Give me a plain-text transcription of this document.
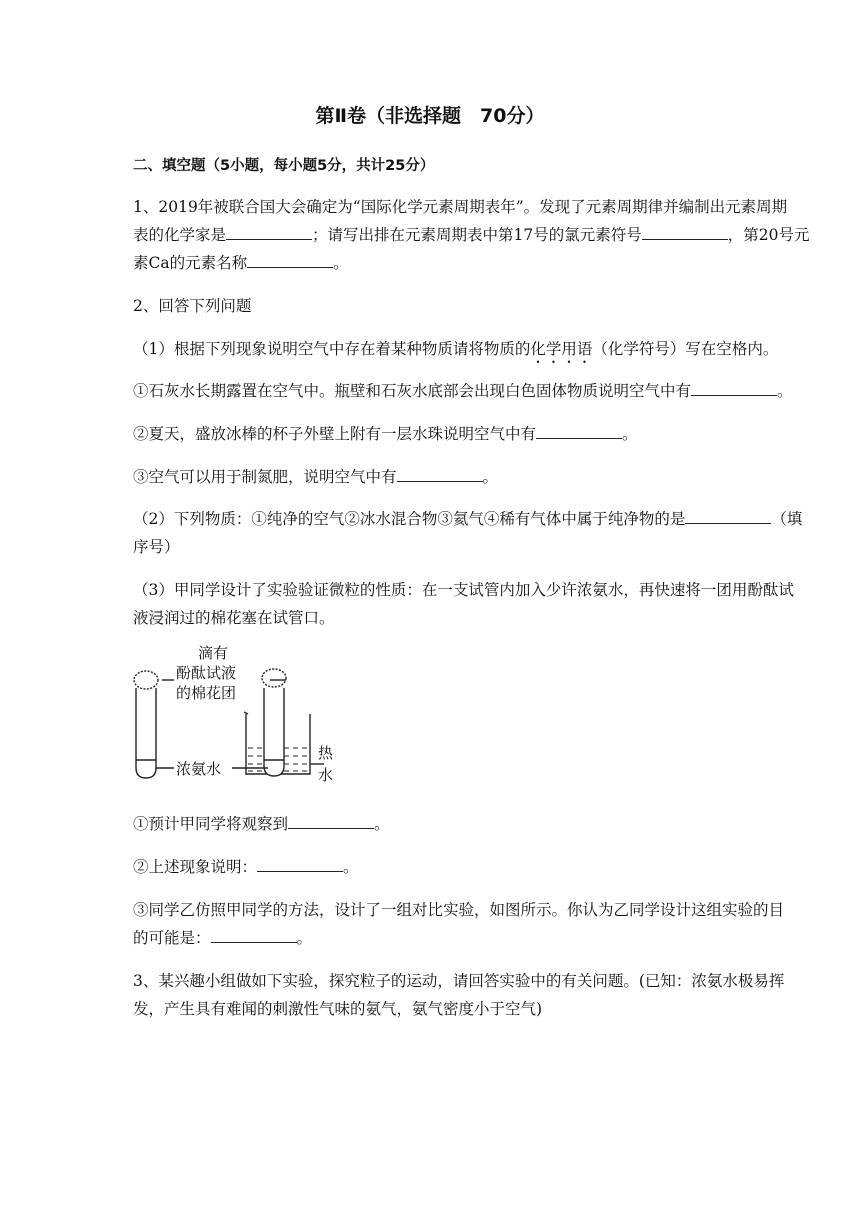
第Ⅱ卷（非选择题　70分）
二、填空题（5小题，每小题5分，共计25分）
1、2019年被联合国大会确定为“国际化学元素周期表年”。发现了元素周期律并编制出元素周期
表的化学家是	；请写出排在元素周期表中第17号的氯元素符号	，第20号元
素Ca的元素名称	。
2、回答下列问题
（1）根据下列现象说明空气中存在着某种物质请将物质的化学用语（化学符号）写在空格内。
①石灰水长期露置在空气中。瓶壁和石灰水底部会出现白色固体物质说明空气中有	。
②夏天，盛放冰棒的杯子外壁上附有一层水珠说明空气中有	。
③空气可以用于制氮肥，说明空气中有	。
（2）下列物质：①纯净的空气②冰水混合物③氦气④稀有气体中属于纯净物的是	（填
序号）
（3）甲同学设计了实验验证微粒的性质：在一支试管内加入少许浓氨水，再快速将一团用酚酞试
液浸润过的棉花塞在试管口。
滴有
酚酞试液
的棉花团
浓氨水
热
水
①预计甲同学将观察到	。
②上述现象说明：	。
③同学乙仿照甲同学的方法，设计了一组对比实验，如图所示。你认为乙同学设计这组实验的目
的可能是：	。
3、某兴趣小组做如下实验，探究粒子的运动，请回答实验中的有关问题。(已知：浓氨水极易挥
发，产生具有难闻的刺激性气味的氨气，氨气密度小于空气)
